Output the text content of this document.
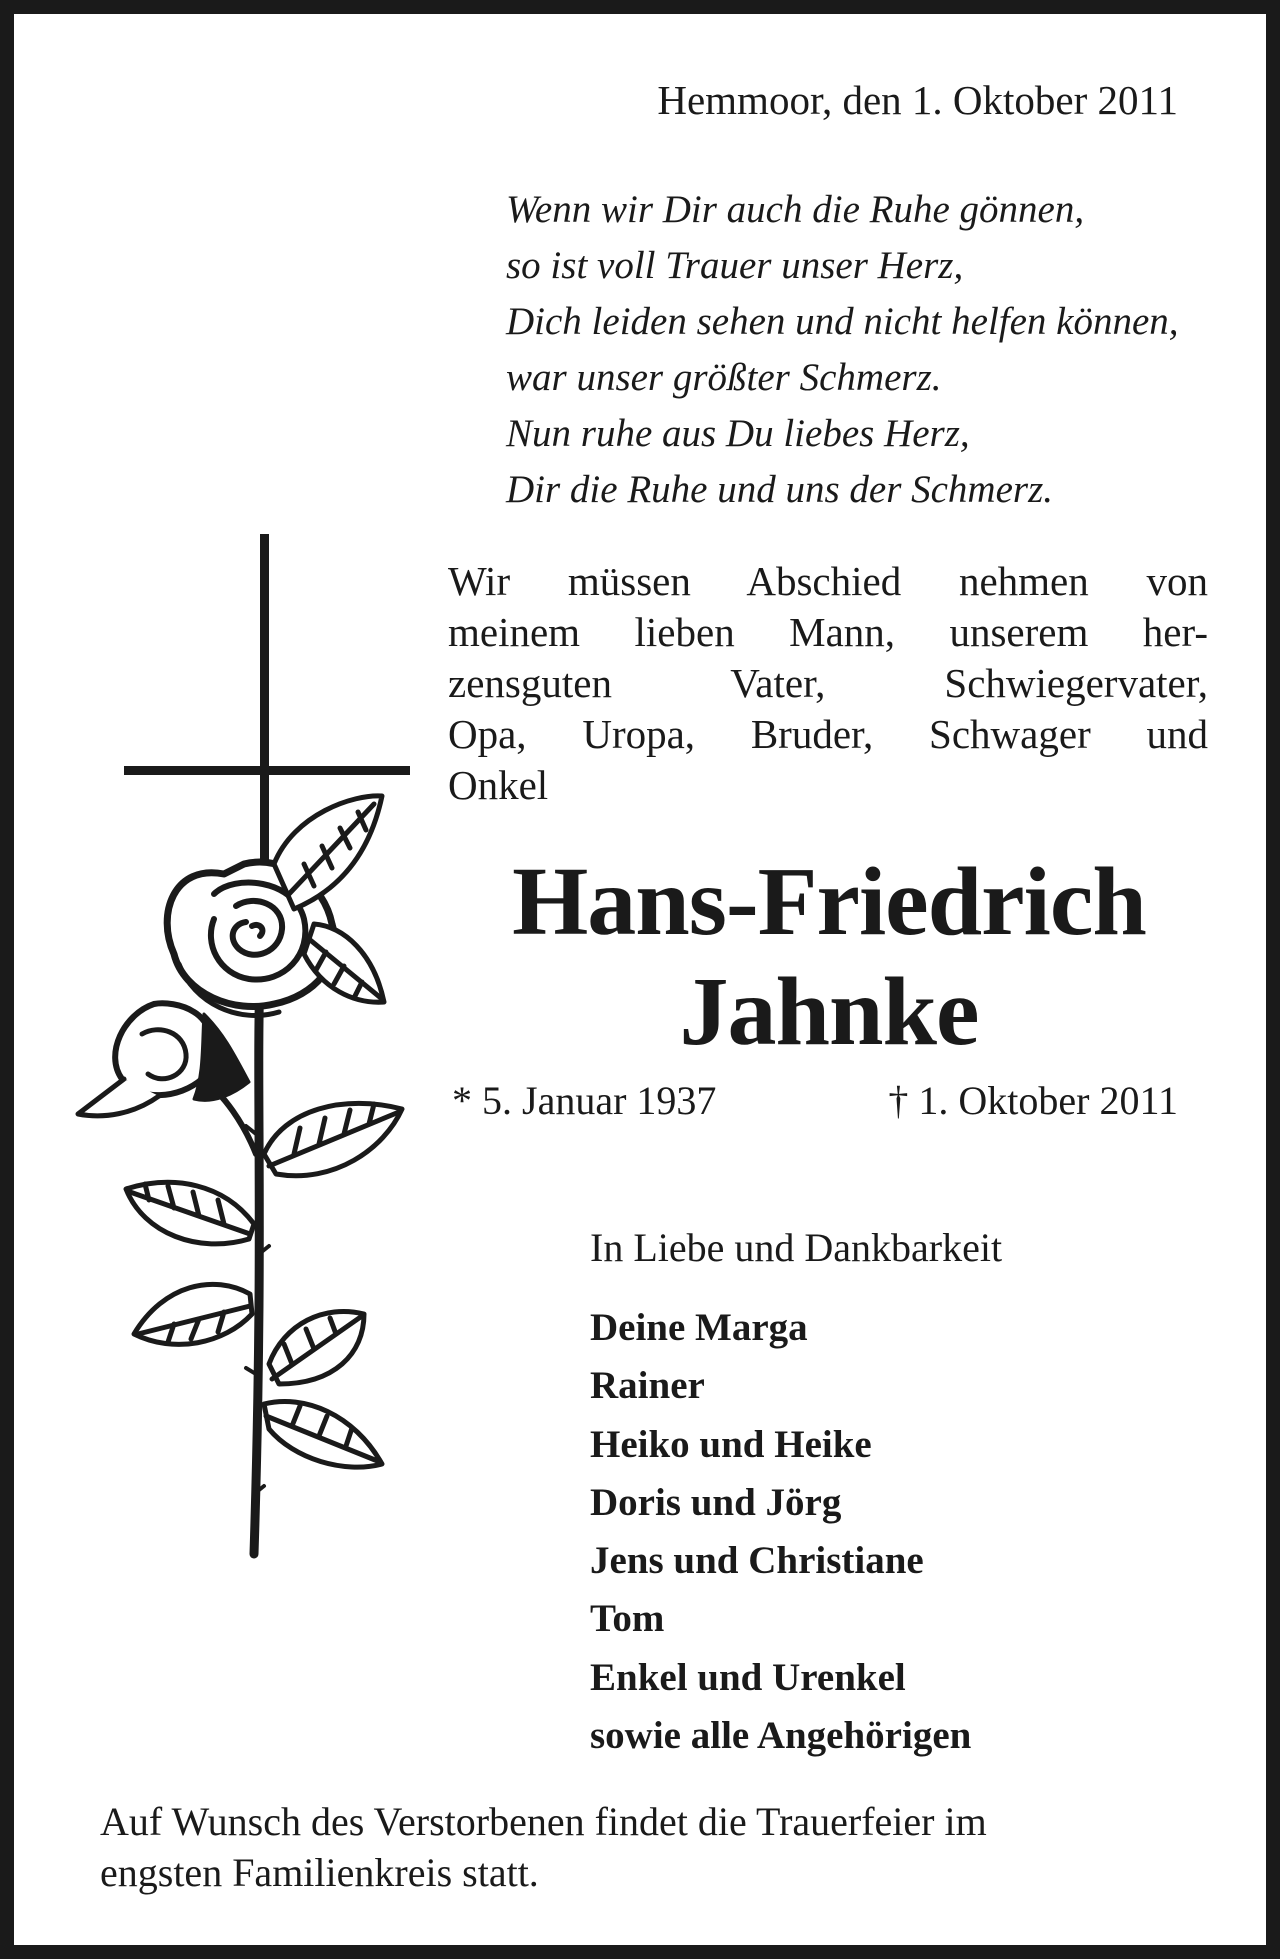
Hemmoor, den 1. Oktober 2011
Wenn wir Dir auch die Ruhe gönnen,
so ist voll Trauer unser Herz,
Dich leiden sehen und nicht helfen können,
war unser größter Schmerz.
Nun ruhe aus Du liebes Herz,
Dir die Ruhe und uns der Schmerz.
Wir müssen Abschied nehmen von
meinem lieben Mann, unserem her-
zensguten Vater, Schwiegervater,
Opa, Uropa, Bruder, Schwager und
Onkel
Hans-Friedrich
Jahnke
* 5. Januar 1937	† 1. Oktober 2011
In Liebe und Dankbarkeit
Deine Marga
Rainer
Heiko und Heike
Doris und Jörg
Jens und Christiane
Tom
Enkel und Urenkel
sowie alle Angehörigen
Auf Wunsch des Verstorbenen findet die Trauerfeier im
engsten Familienkreis statt.
